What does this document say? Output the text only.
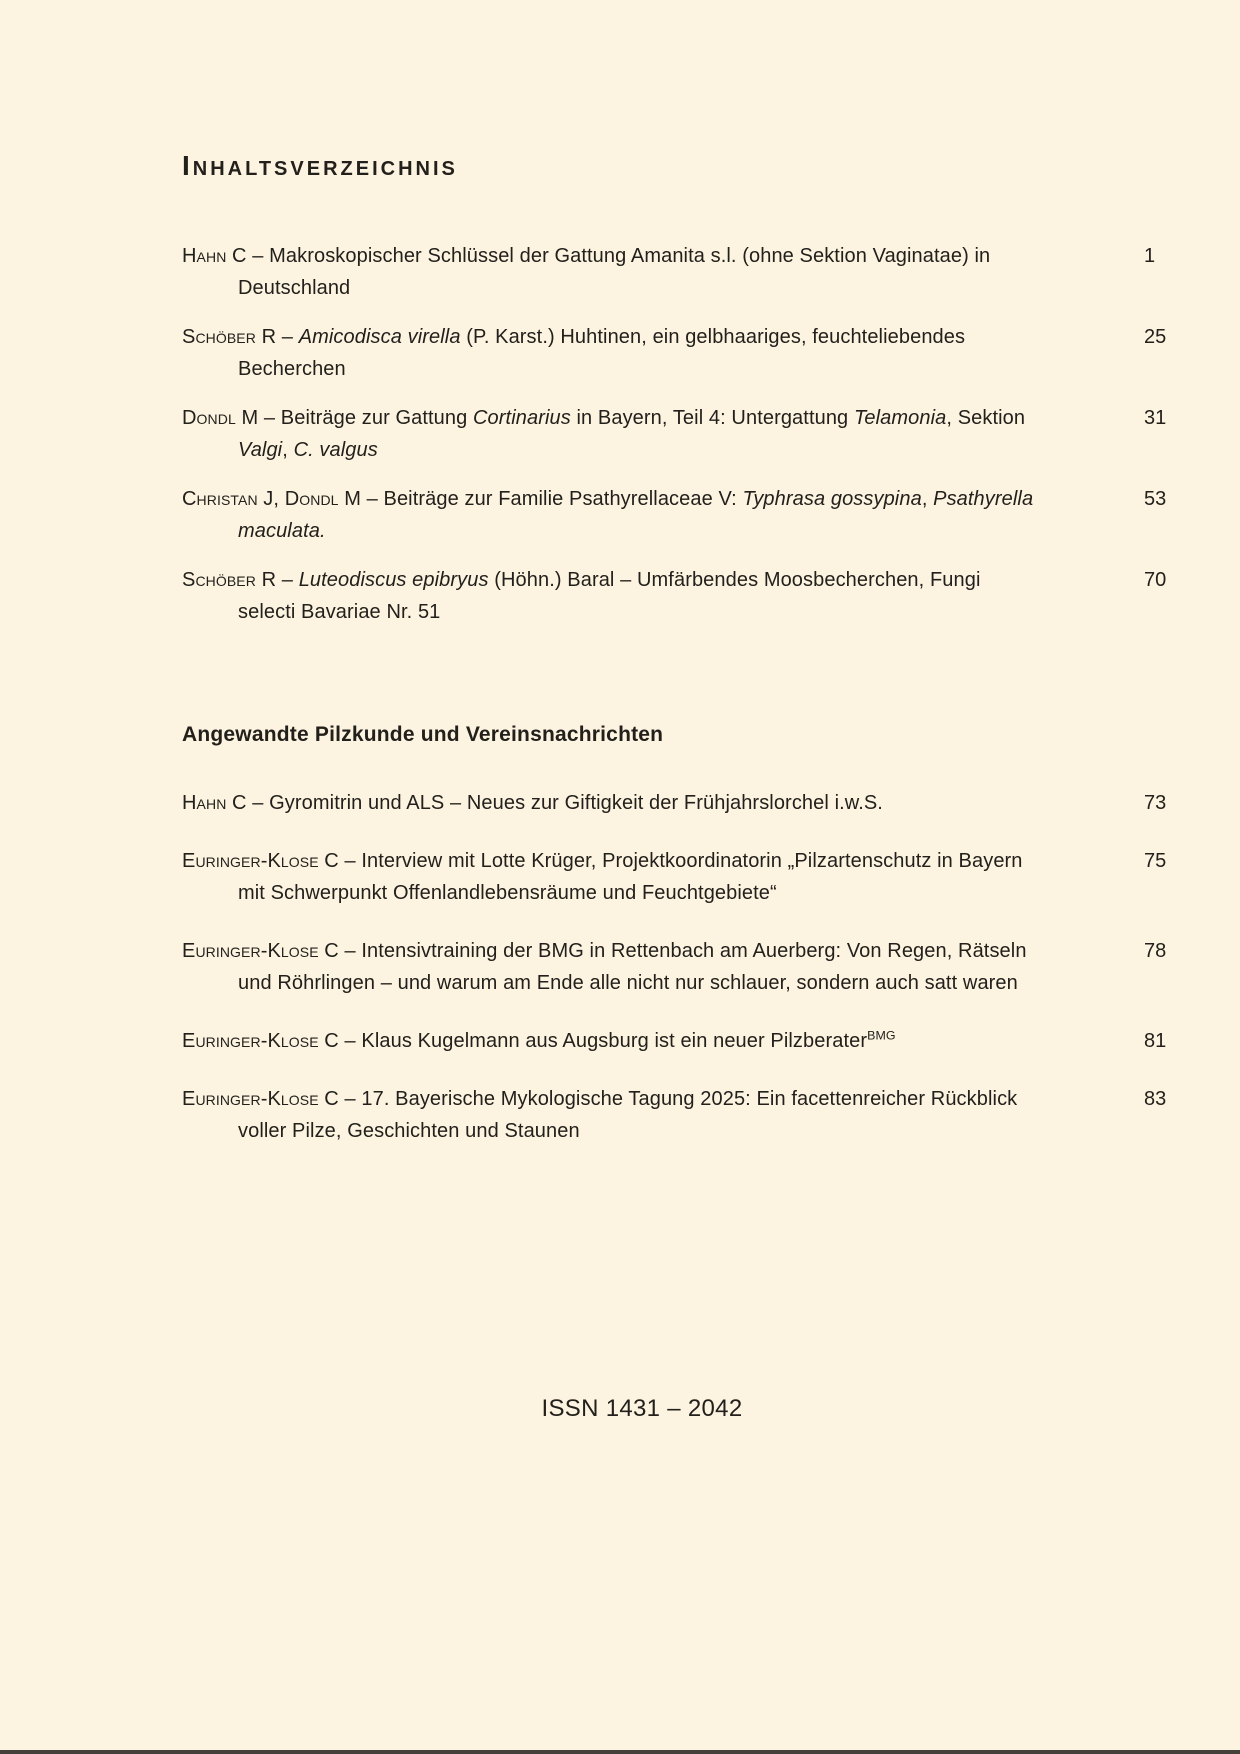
Inhaltsverzeichnis
Hahn C – Makroskopischer Schlüssel der Gattung Amanita s.l. (ohne Sektion Vaginatae) in Deutschland
1
Schöber R – Amicodisca virella (P. Karst.) Huhtinen, ein gelbhaariges, feuchteliebendes Becherchen
25
Dondl M – Beiträge zur Gattung Cortinarius in Bayern, Teil 4: Untergattung Telamonia, Sektion Valgi, C. valgus
31
Christan J, Dondl M – Beiträge zur Familie Psathyrellaceae V: Typhrasa gossypina, Psathyrella maculata.
53
Schöber R – Luteodiscus epibryus (Höhn.) Baral – Umfärbendes Moosbecherchen, Fungi selecti Bavariae Nr. 51
70
Angewandte Pilzkunde und Vereinsnachrichten
Hahn C – Gyromitrin und ALS – Neues zur Giftigkeit der Frühjahrslorchel i.w.S.	73
Euringer-Klose C – Interview mit Lotte Krüger, Projektkoordinatorin „Pilzartenschutz in Bayern mit Schwerpunkt Offenlandlebensräume und Feuchtgebiete“
75
Euringer-Klose C – Intensivtraining der BMG in Rettenbach am Auerberg: Von Regen, Rätseln und Röhrlingen – und warum am Ende alle nicht nur schlauer, sondern auch satt waren
78
Euringer-Klose C – Klaus Kugelmann aus Augsburg ist ein neuer Pilzberater$^{BMG}$	81
Euringer-Klose C – 17. Bayerische Mykologische Tagung 2025: Ein facettenreicher Rückblick voller Pilze, Geschichten und Staunen
83
ISSN 1431 – 2042
